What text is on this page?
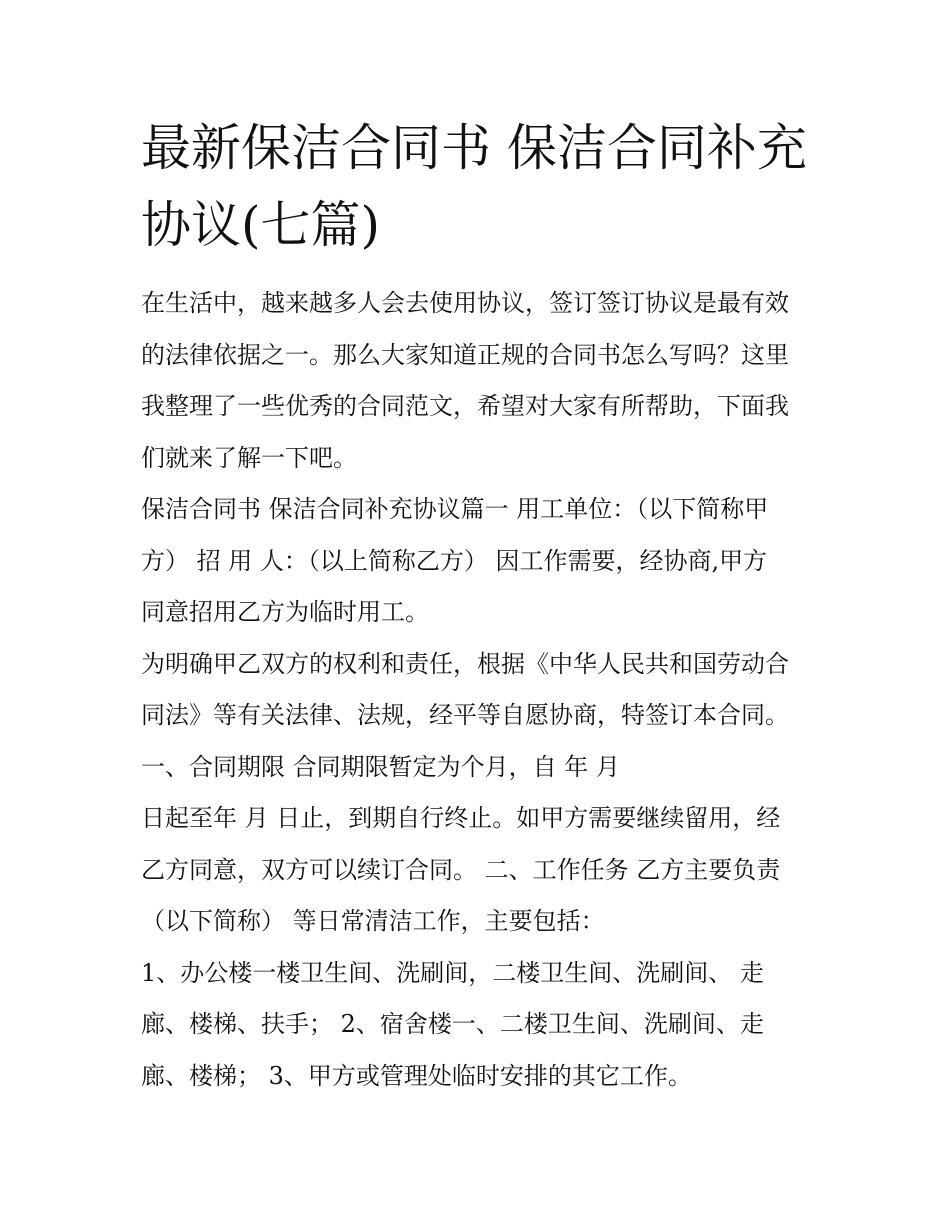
最新保洁合同书 保洁合同补充
协议(七篇)

在生活中，越来越多人会去使用协议，签订签订协议是最有效

的法律依据之一。那么大家知道正规的合同书怎么写吗？这里

我整理了一些优秀的合同范文，希望对大家有所帮助，下面我

们就来了解一下吧。

保洁合同书 保洁合同补充协议篇一 用工单位：（以下简称甲

方） 招 用 人：（以上简称乙方） 因工作需要，经协商,甲方

同意招用乙方为临时用工。

为明确甲乙双方的权利和责任，根据《中华人民共和国劳动合

同法》等有关法律、法规，经平等自愿协商，特签订本合同。

一、合同期限 合同期限暂定为个月，自 年 月

日起至年 月 日止，到期自行终止。如甲方需要继续留用，经

乙方同意，双方可以续订合同。 二、工作任务 乙方主要负责

（以下简称） 等日常清洁工作，主要包括：

1、办公楼一楼卫生间、洗刷间，二楼卫生间、洗刷间、 走

廊、楼梯、扶手； 2、宿舍楼一、二楼卫生间、洗刷间、走

廊、楼梯； 3、甲方或管理处临时安排的其它工作。
